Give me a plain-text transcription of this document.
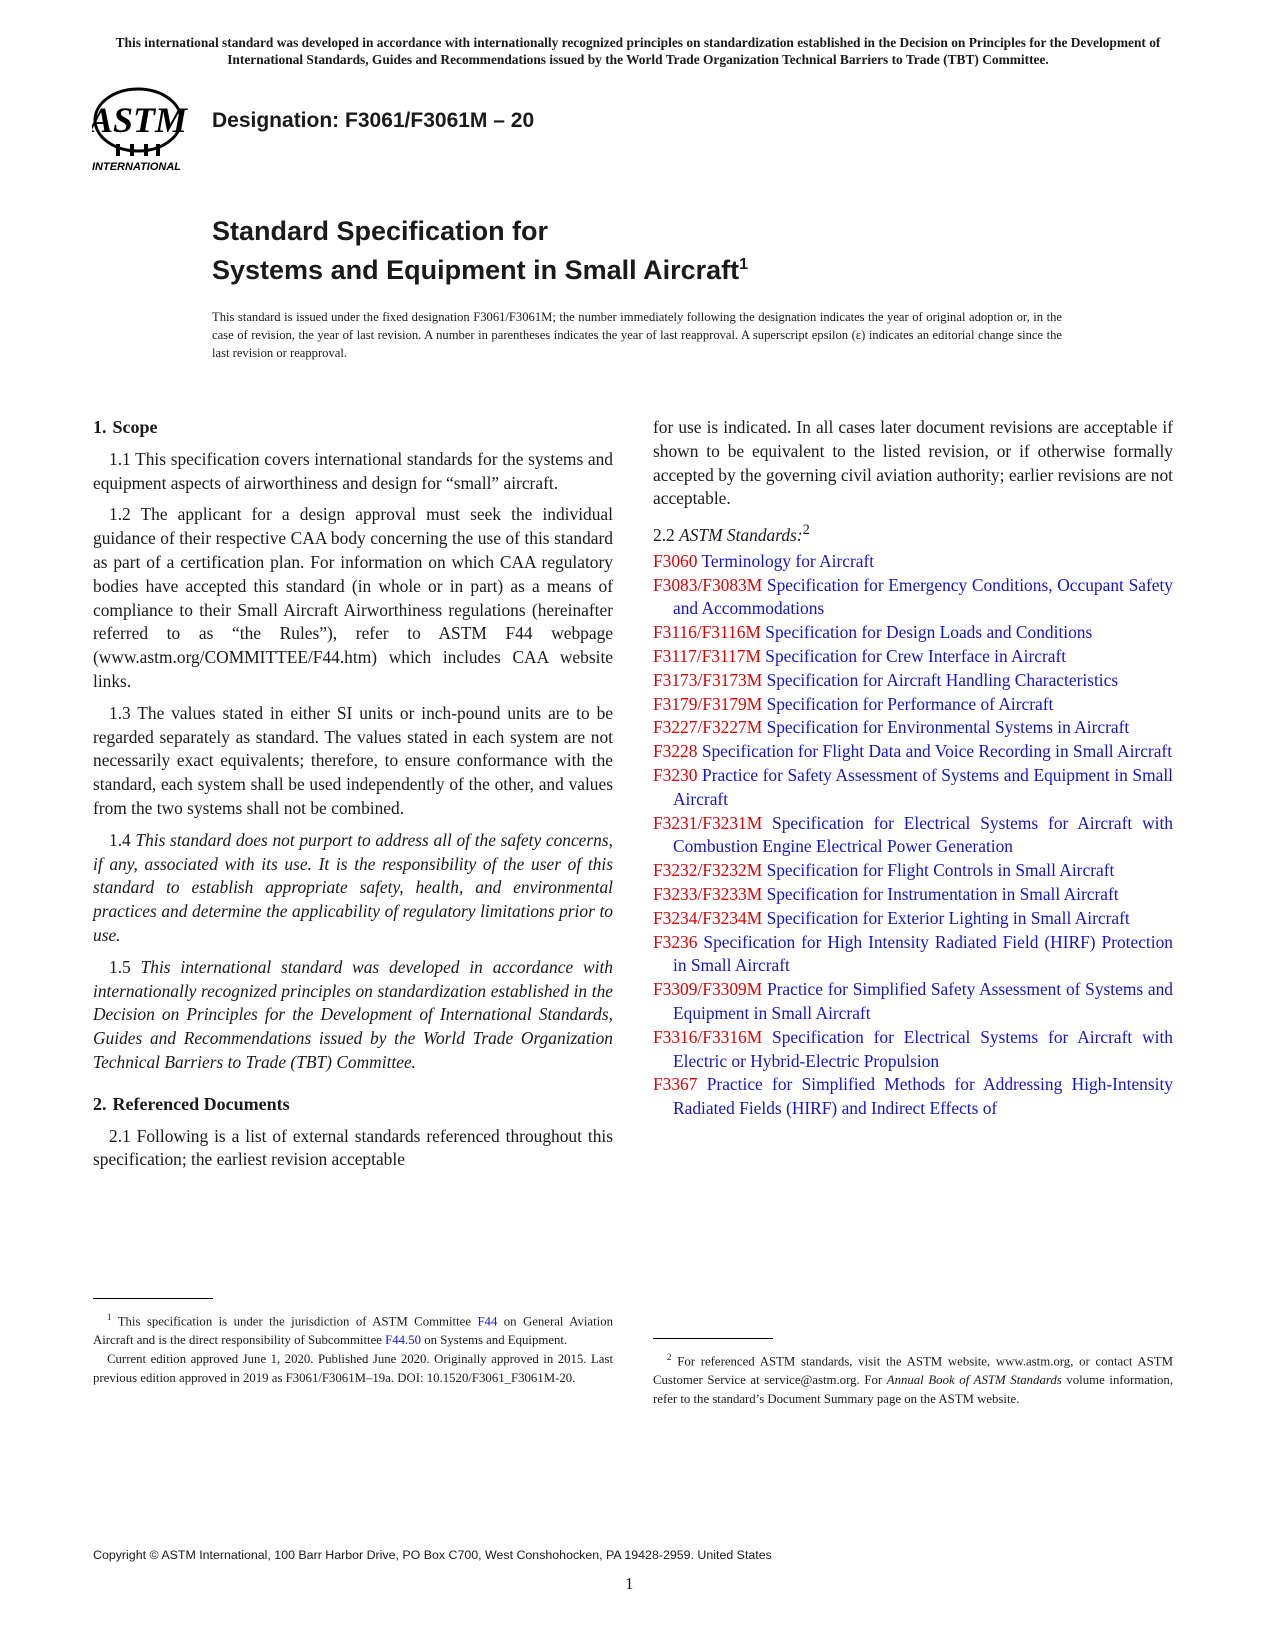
This international standard was developed in accordance with internationally recognized principles on standardization established in the Decision on Principles for the Development of International Standards, Guides and Recommendations issued by the World Trade Organization Technical Barriers to Trade (TBT) Committee.
ASTM
INTERNATIONAL
Designation: F3061/F3061M – 20
Standard Specification for
Systems and Equipment in Small Aircraft$^1$
This standard is issued under the fixed designation F3061/F3061M; the number immediately following the designation indicates the year of original adoption or, in the case of revision, the year of last revision. A number in parentheses indicates the year of last reapproval. A superscript epsilon (ε) indicates an editorial change since the last revision or reapproval.
1. Scope

1.1 This specification covers international standards for the systems and equipment aspects of airworthiness and design for “small” aircraft.

1.2 The applicant for a design approval must seek the individual guidance of their respective CAA body concerning the use of this standard as part of a certification plan. For information on which CAA regulatory bodies have accepted this standard (in whole or in part) as a means of compliance to their Small Aircraft Airworthiness regulations (hereinafter referred to as “the Rules”), refer to ASTM F44 webpage (www.astm.org/COMMITTEE/F44.htm) which includes CAA website links.

1.3 The values stated in either SI units or inch-pound units are to be regarded separately as standard. The values stated in each system are not necessarily exact equivalents; therefore, to ensure conformance with the standard, each system shall be used independently of the other, and values from the two systems shall not be combined.

1.4 This standard does not purport to address all of the safety concerns, if any, associated with its use. It is the responsibility of the user of this standard to establish appropriate safety, health, and environmental practices and determine the applicability of regulatory limitations prior to use.

1.5 This international standard was developed in accordance with internationally recognized principles on standardization established in the Decision on Principles for the Development of International Standards, Guides and Recommendations issued by the World Trade Organization Technical Barriers to Trade (TBT) Committee.

2. Referenced Documents

2.1 Following is a list of external standards referenced throughout this specification; the earliest revision acceptable

for use is indicated. In all cases later document revisions are acceptable if shown to be equivalent to the listed revision, or if otherwise formally accepted by the governing civil aviation authority; earlier revisions are not acceptable.

2.2 ASTM Standards:$^2$

F3060 Terminology for Aircraft

F3083/F3083M Specification for Emergency Conditions, Occupant Safety and Accommodations

F3116/F3116M Specification for Design Loads and Conditions

F3117/F3117M Specification for Crew Interface in Aircraft

F3173/F3173M Specification for Aircraft Handling Characteristics

F3179/F3179M Specification for Performance of Aircraft

F3227/F3227M Specification for Environmental Systems in Aircraft

F3228 Specification for Flight Data and Voice Recording in Small Aircraft

F3230 Practice for Safety Assessment of Systems and Equipment in Small Aircraft

F3231/F3231M Specification for Electrical Systems for Aircraft with Combustion Engine Electrical Power Generation

F3232/F3232M Specification for Flight Controls in Small Aircraft

F3233/F3233M Specification for Instrumentation in Small Aircraft

F3234/F3234M Specification for Exterior Lighting in Small Aircraft

F3236 Specification for High Intensity Radiated Field (HIRF) Protection in Small Aircraft

F3309/F3309M Practice for Simplified Safety Assessment of Systems and Equipment in Small Aircraft

F3316/F3316M Specification for Electrical Systems for Aircraft with Electric or Hybrid-Electric Propulsion

F3367 Practice for Simplified Methods for Addressing High-Intensity Radiated Fields (HIRF) and Indirect Effects of

$^1$ This specification is under the jurisdiction of ASTM Committee F44 on General Aviation Aircraft and is the direct responsibility of Subcommittee F44.50 on Systems and Equipment.

Current edition approved June 1, 2020. Published June 2020. Originally approved in 2015. Last previous edition approved in 2019 as F3061/F3061M–19a. DOI: 10.1520/F3061_F3061M-20.

$^2$ For referenced ASTM standards, visit the ASTM website, www.astm.org, or contact ASTM Customer Service at service@astm.org. For Annual Book of ASTM Standards volume information, refer to the standard’s Document Summary page on the ASTM website.

Copyright © ASTM International, 100 Barr Harbor Drive, PO Box C700, West Conshohocken, PA 19428-2959. United States
1
